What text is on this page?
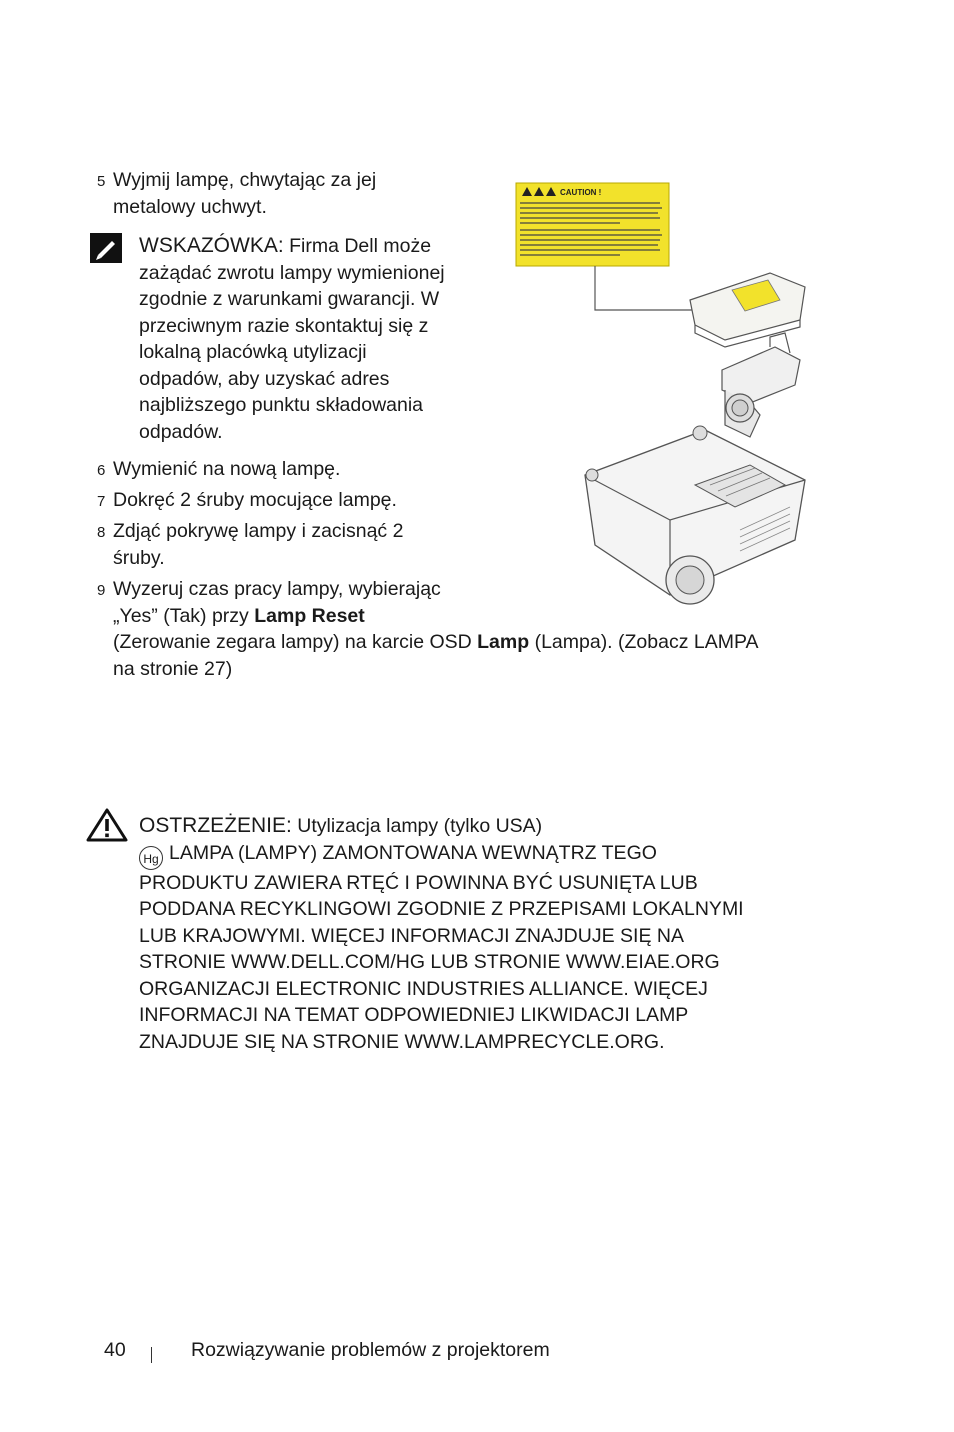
5 Wyjmij lampę, chwytając za jej
metalowy uchwyt.
WSKAZÓWKA: Firma Dell może
zażądać zwrotu lampy wymienionej
zgodnie z warunkami gwarancji. W
przeciwnym razie skontaktuj się z
lokalną placówką utylizacji
odpadów, aby uzyskać adres
najbliższego punktu składowania
odpadów.
6 Wymienić na nową lampę.
7 Dokręć 2 śruby mocujące lampę.
8 Zdjąć pokrywę lampy i zacisnąć 2
śruby.
9 Wyzeruj czas pracy lampy, wybierając
„Yes” (Tak) przy Lamp Reset
(Zerowanie zegara lampy) na karcie OSD Lamp (Lampa). (Zobacz LAMPA
na stronie 27)
CAUTION !
OSTRZEŻENIE: Utylizacja lampy (tylko USA)
Hg LAMPA (LAMPY) ZAMONTOWANA WEWNĄTRZ TEGO
PRODUKTU ZAWIERA RTĘĆ I POWINNA BYĆ USUNIĘTA LUB
PODDANA RECYKLINGOWI ZGODNIE Z PRZEPISAMI LOKALNYMI
LUB KRAJOWYMI. WIĘCEJ INFORMACJI ZNAJDUJE SIĘ NA
STRONIE WWW.DELL.COM/HG LUB STRONIE WWW.EIAE.ORG
ORGANIZACJI ELECTRONIC INDUSTRIES ALLIANCE. WIĘCEJ
INFORMACJI NA TEMAT ODPOWIEDNIEJ LIKWIDACJI LAMP
ZNAJDUJE SIĘ NA STRONIE WWW.LAMPRECYCLE.ORG.
40	Rozwiązywanie problemów z projektorem
